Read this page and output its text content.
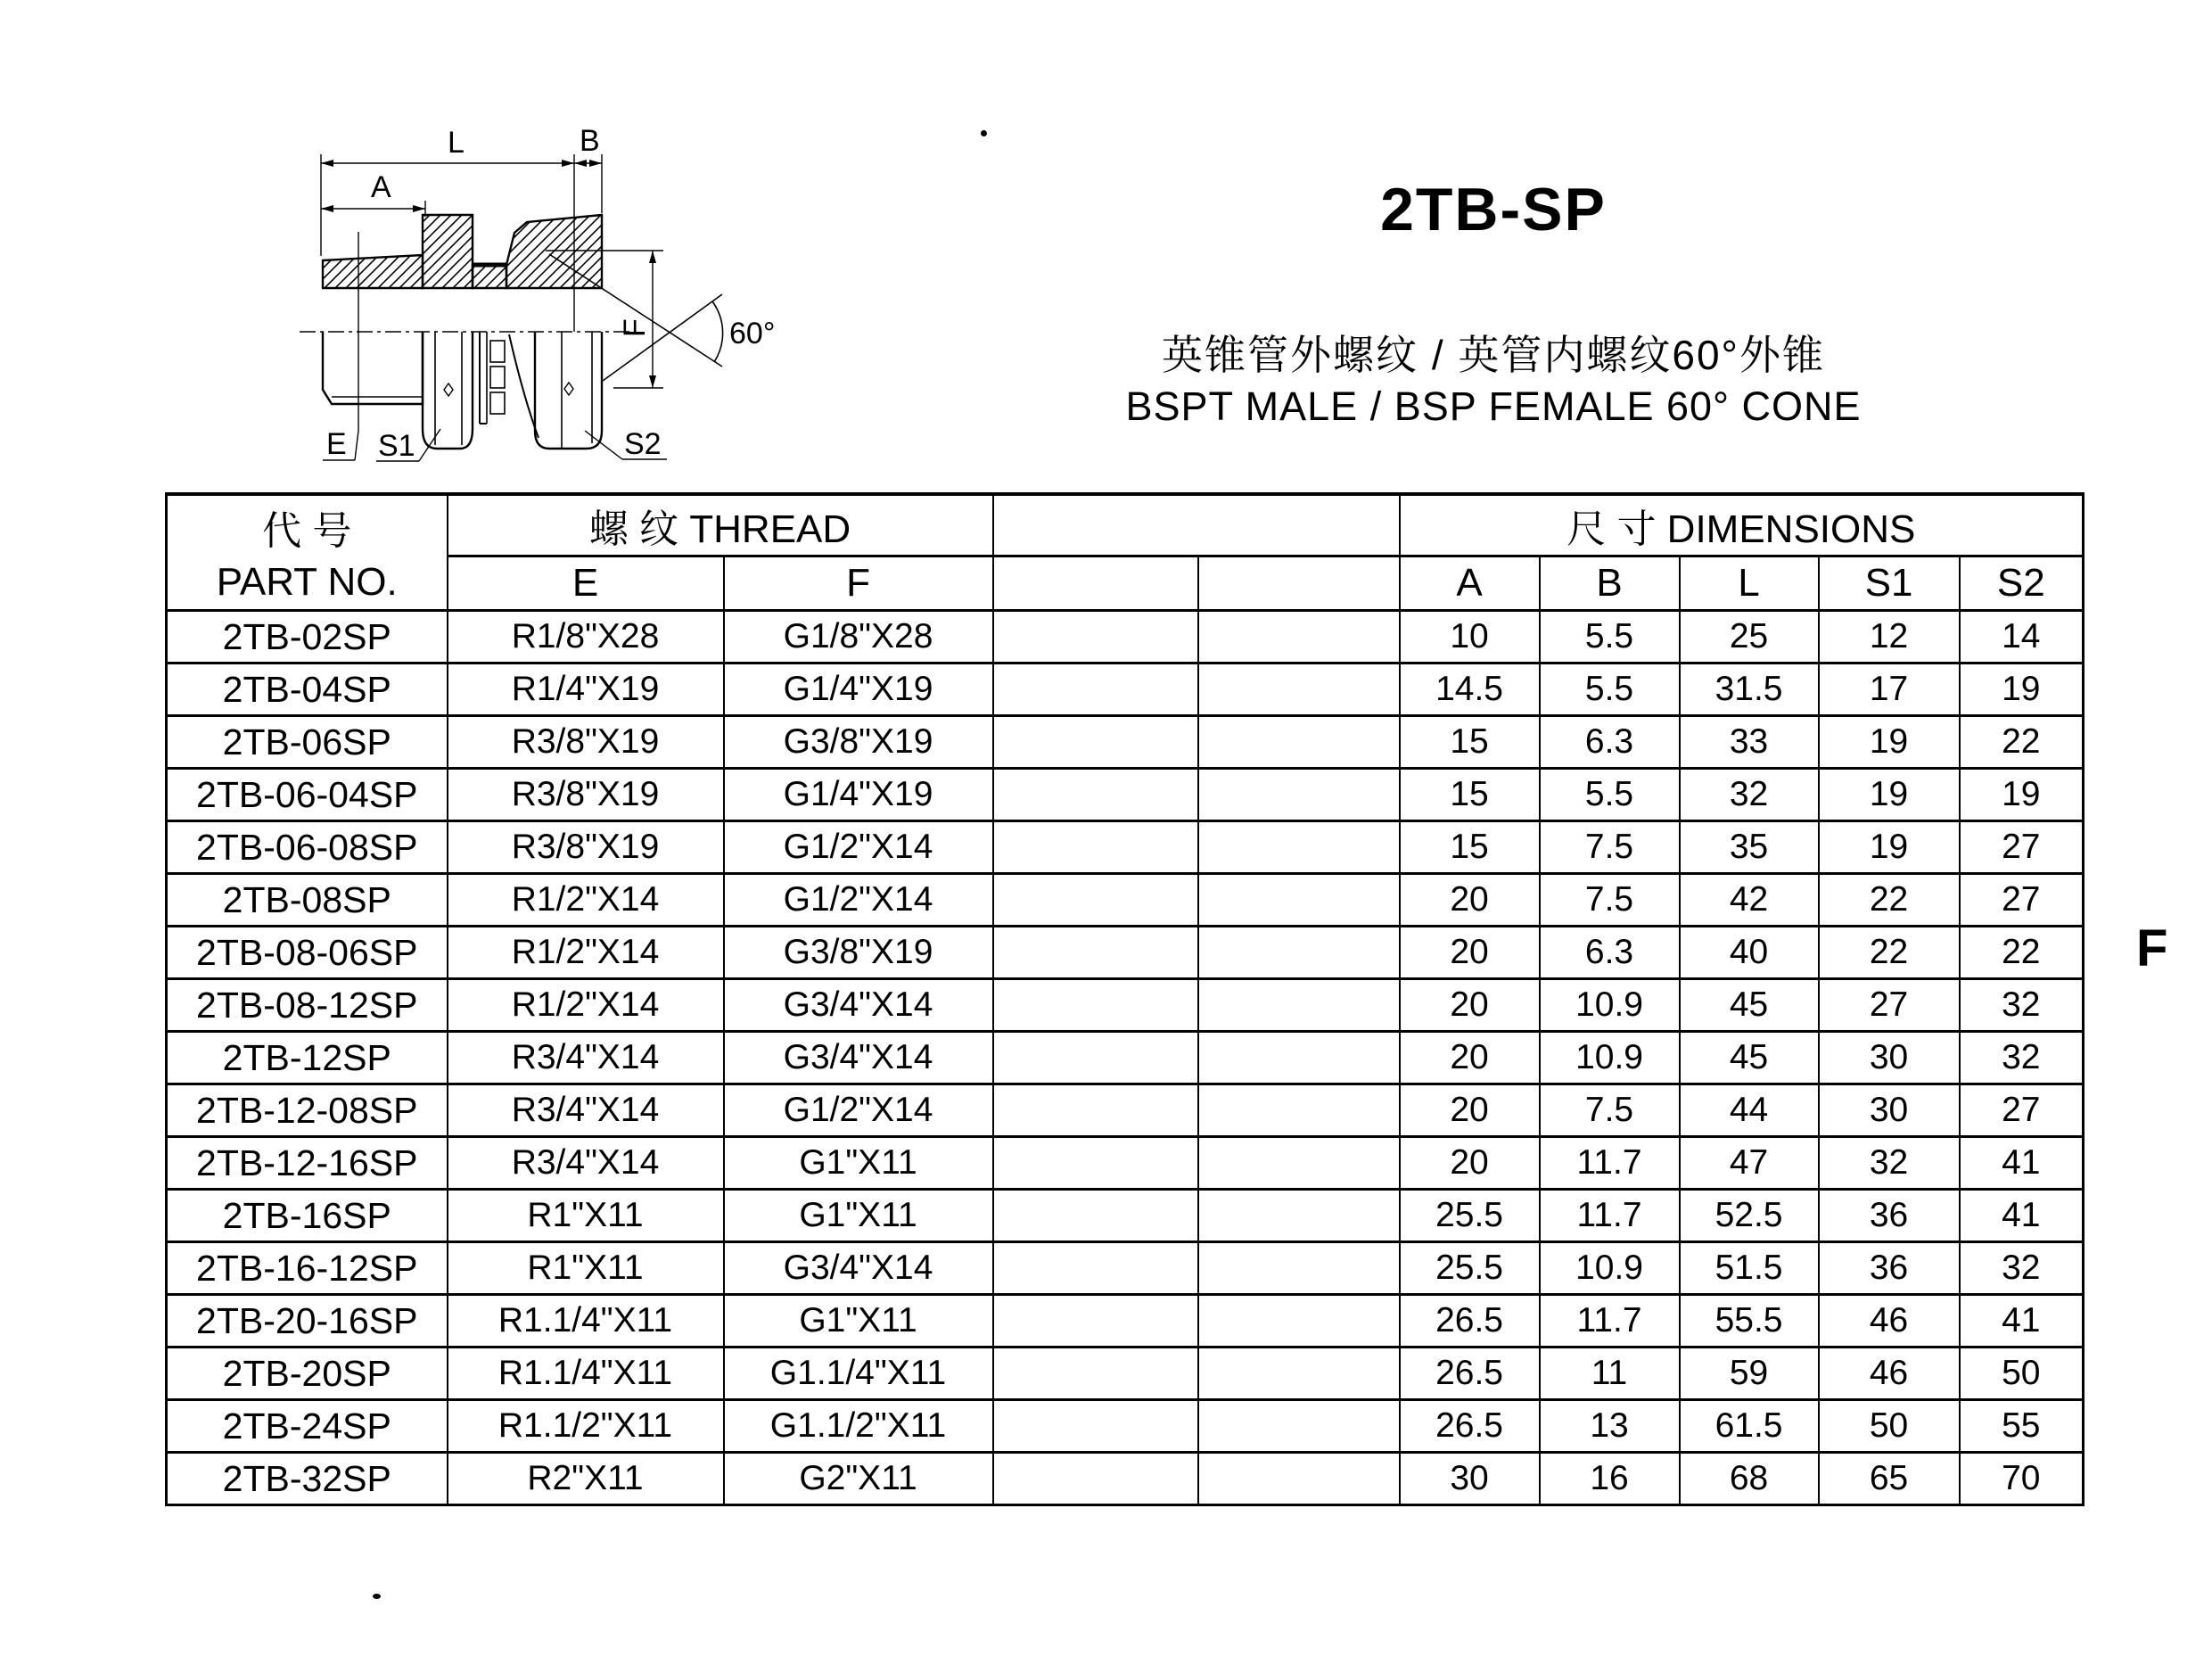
L	B
A
F	60°
E S1	S2
2TB-SP
英锥管外螺纹 / 英管内螺纹60°外锥
BSPT MALE / BSP FEMALE 60° CONE
F
代 号
PART NO.	螺 纹 THREAD				尺 寸 DIMENSIONS				
	E	F			A	B	L	S1	S2
2TB-02SP	R1/8"X28	G1/8"X28			10	5.5	25	12	14
2TB-04SP	R1/4"X19	G1/4"X19			14.5	5.5	31.5	17	19
2TB-06SP	R3/8"X19	G3/8"X19			15	6.3	33	19	22
2TB-06-04SP	R3/8"X19	G1/4"X19			15	5.5	32	19	19
2TB-06-08SP	R3/8"X19	G1/2"X14			15	7.5	35	19	27
2TB-08SP	R1/2"X14	G1/2"X14			20	7.5	42	22	27
2TB-08-06SP	R1/2"X14	G3/8"X19			20	6.3	40	22	22
2TB-08-12SP	R1/2"X14	G3/4"X14			20	10.9	45	27	32
2TB-12SP	R3/4"X14	G3/4"X14			20	10.9	45	30	32
2TB-12-08SP	R3/4"X14	G1/2"X14			20	7.5	44	30	27
2TB-12-16SP	R3/4"X14	G1"X11			20	11.7	47	32	41
2TB-16SP	R1"X11	G1"X11			25.5	11.7	52.5	36	41
2TB-16-12SP	R1"X11	G3/4"X14			25.5	10.9	51.5	36	32
2TB-20-16SP	R1.1/4"X11	G1"X11			26.5	11.7	55.5	46	41
2TB-20SP	R1.1/4"X11	G1.1/4"X11			26.5	11	59	46	50
2TB-24SP	R1.1/2"X11	G1.1/2"X11			26.5	13	61.5	50	55
2TB-32SP	R2"X11	G2"X11			30	16	68	65	70
